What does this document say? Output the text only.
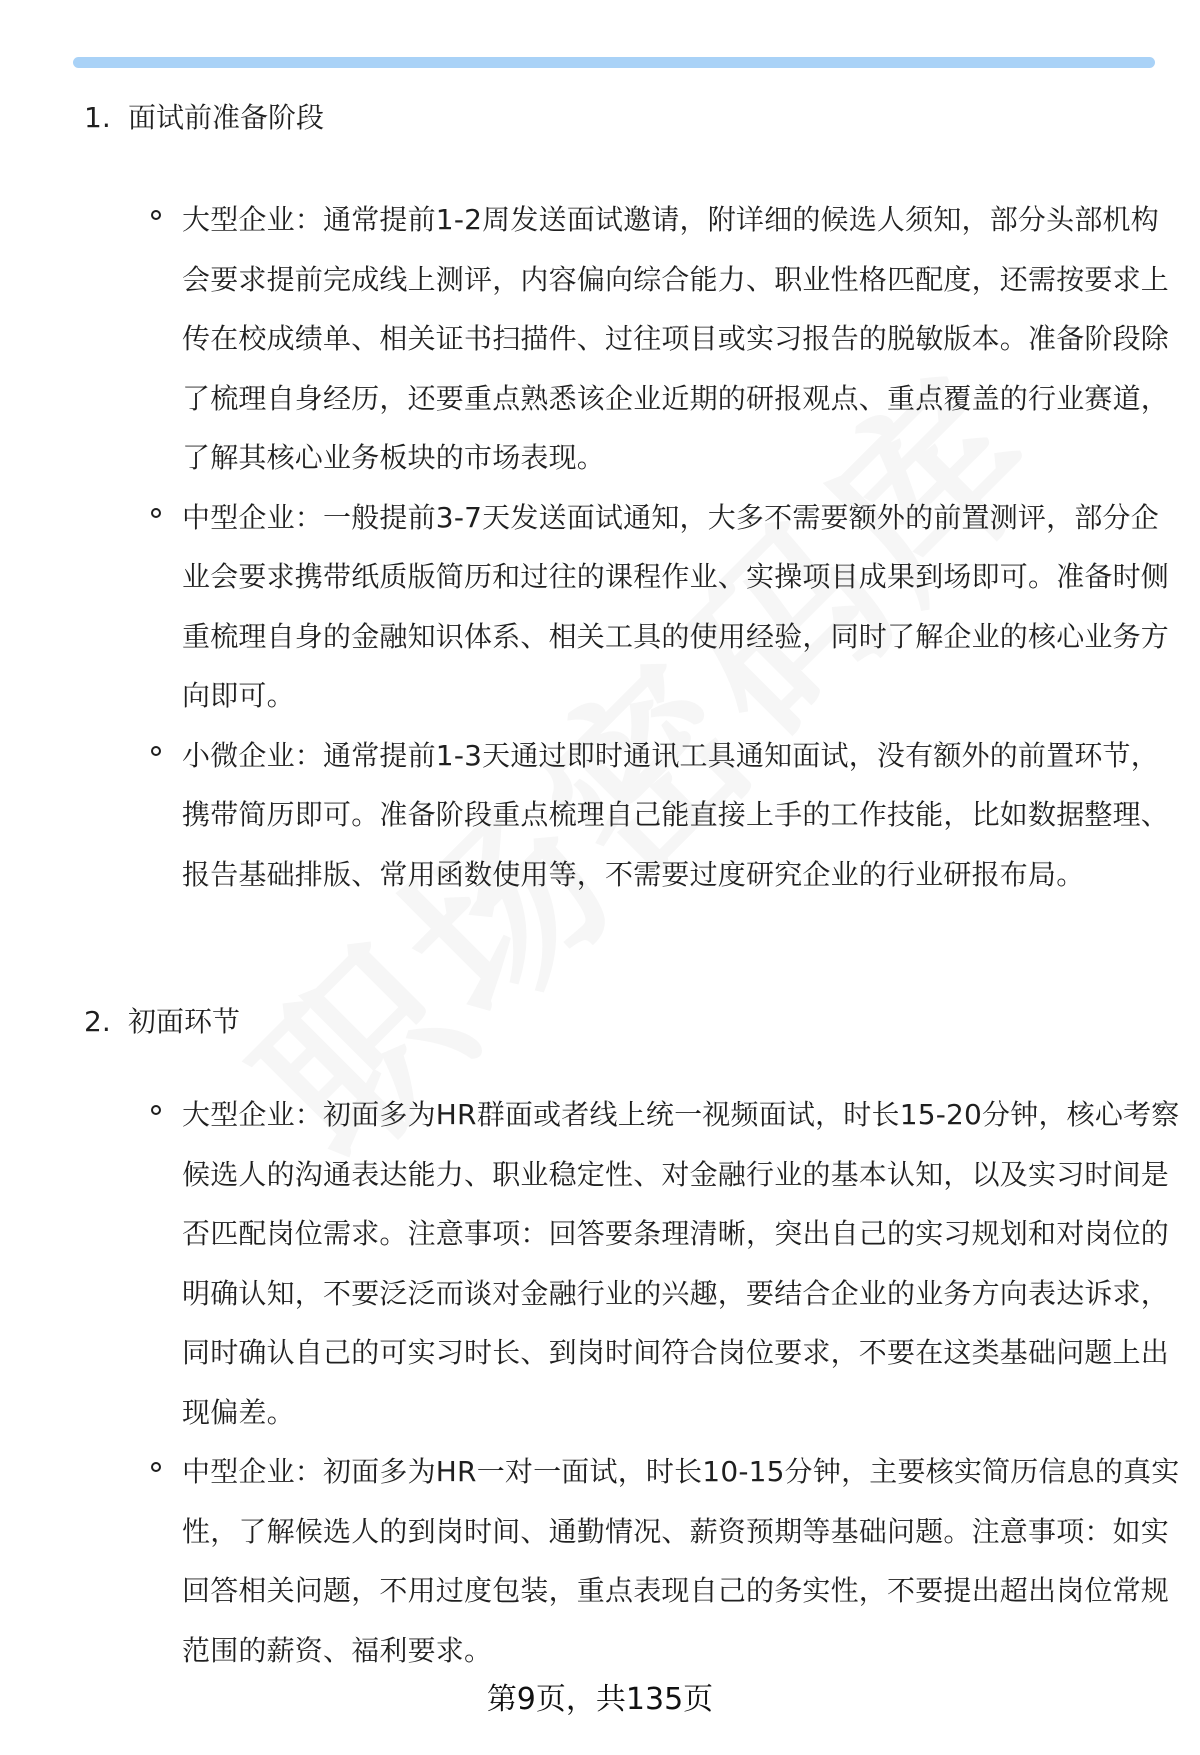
1. 面试前准备阶段
大型企业：通常提前1-2周发送面试邀请，附详细的候选人须知，部分头部机构会要求提前完成线上测评，内容偏向综合能力、职业性格匹配度，还需按要求上传在校成绩单、相关证书扫描件、过往项目或实习报告的脱敏版本。准备阶段除了梳理自身经历，还要重点熟悉该企业近期的研报观点、重点覆盖的行业赛道，了解其核心业务板块的市场表现。
中型企业：一般提前3-7天发送面试通知，大多不需要额外的前置测评，部分企业会要求携带纸质版简历和过往的课程作业、实操项目成果到场即可。准备时侧重梳理自身的金融知识体系、相关工具的使用经验，同时了解企业的核心业务方向即可。
小微企业：通常提前1-3天通过即时通讯工具通知面试，没有额外的前置环节，携带简历即可。准备阶段重点梳理自己能直接上手的工作技能，比如数据整理、报告基础排版、常用函数使用等，不需要过度研究企业的行业研报布局。
2. 初面环节
大型企业：初面多为HR群面或者线上统一视频面试，时长15-20分钟，核心考察候选人的沟通表达能力、职业稳定性、对金融行业的基本认知，以及实习时间是否匹配岗位需求。注意事项：回答要条理清晰，突出自己的实习规划和对岗位的明确认知，不要泛泛而谈对金融行业的兴趣，要结合企业的业务方向表达诉求，同时确认自己的可实习时长、到岗时间符合岗位要求，不要在这类基础问题上出现偏差。
中型企业：初面多为HR一对一面试，时长10-15分钟，主要核实简历信息的真实性，了解候选人的到岗时间、通勤情况、薪资预期等基础问题。注意事项：如实回答相关问题，不用过度包装，重点表现自己的务实性，不要提出超出岗位常规范围的薪资、福利要求。
第9页，共135页
